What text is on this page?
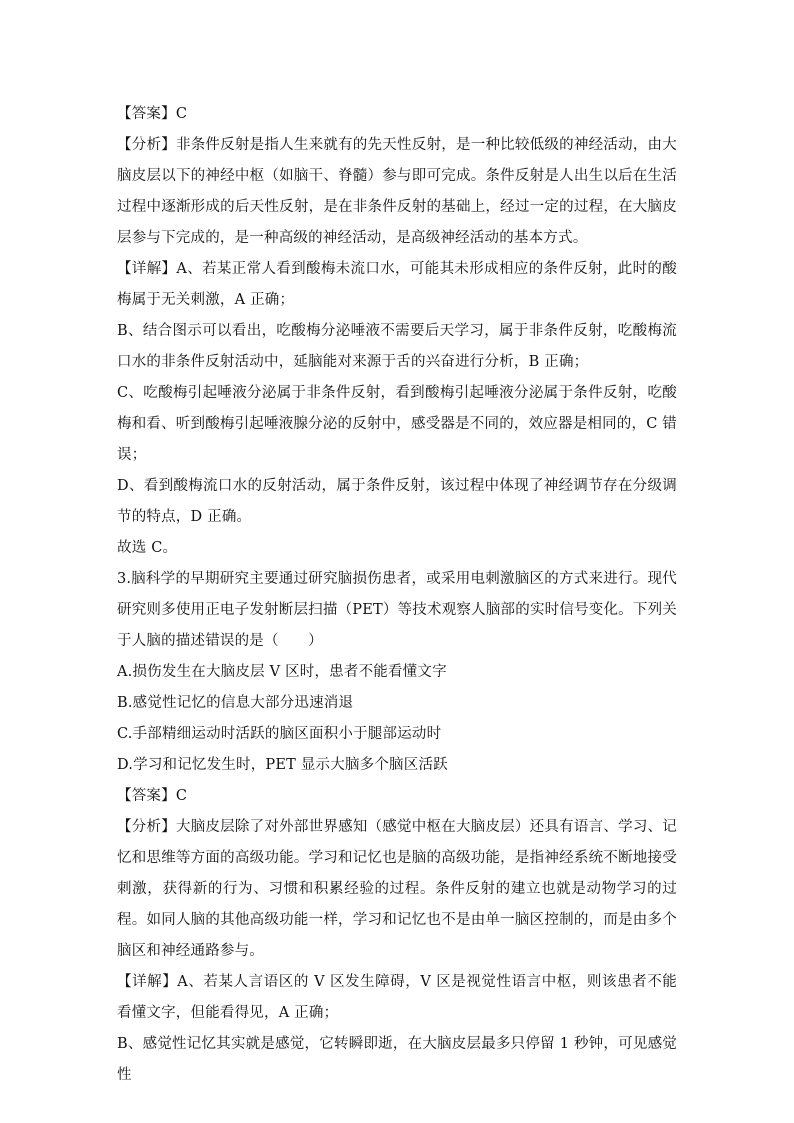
【答案】C

【分析】非条件反射是指人生来就有的先天性反射，是一种比较低级的神经活动，由大脑皮层以下的神经中枢（如脑干、脊髓）参与即可完成。条件反射是人出生以后在生活过程中逐渐形成的后天性反射，是在非条件反射的基础上，经过一定的过程，在大脑皮层参与下完成的，是一种高级的神经活动，是高级神经活动的基本方式。

【详解】A、若某正常人看到酸梅未流口水，可能其未形成相应的条件反射，此时的酸梅属于无关刺激，A 正确；

B、结合图示可以看出，吃酸梅分泌唾液不需要后天学习，属于非条件反射，吃酸梅流口水的非条件反射活动中，延脑能对来源于舌的兴奋进行分析，B 正确；

C、吃酸梅引起唾液分泌属于非条件反射，看到酸梅引起唾液分泌属于条件反射，吃酸梅和看、听到酸梅引起唾液腺分泌的反射中，感受器是不同的，效应器是相同的，C 错误；

D、看到酸梅流口水的反射活动，属于条件反射，该过程中体现了神经调节存在分级调节的特点，D 正确。

故选 C。

3.脑科学的早期研究主要通过研究脑损伤患者，或采用电刺激脑区的方式来进行。现代研究则多使用正电子发射断层扫描（PET）等技术观察人脑部的实时信号变化。下列关于人脑的描述错误的是（　　）

A.损伤发生在大脑皮层 V 区时，患者不能看懂文字

B.感觉性记忆的信息大部分迅速消退

C.手部精细运动时活跃的脑区面积小于腿部运动时

D.学习和记忆发生时，PET 显示大脑多个脑区活跃

【答案】C

【分析】大脑皮层除了对外部世界感知（感觉中枢在大脑皮层）还具有语言、学习、记忆和思维等方面的高级功能。学习和记忆也是脑的高级功能，是指神经系统不断地接受刺激，获得新的行为、习惯和积累经验的过程。条件反射的建立也就是动物学习的过程。如同人脑的其他高级功能一样，学习和记忆也不是由单一脑区控制的，而是由多个脑区和神经通路参与。

【详解】A、若某人言语区的 V 区发生障碍，V 区是视觉性语言中枢，则该患者不能看懂文字，但能看得见，A 正确；

B、感觉性记忆其实就是感觉，它转瞬即逝，在大脑皮层最多只停留 1 秒钟，可见感觉性
